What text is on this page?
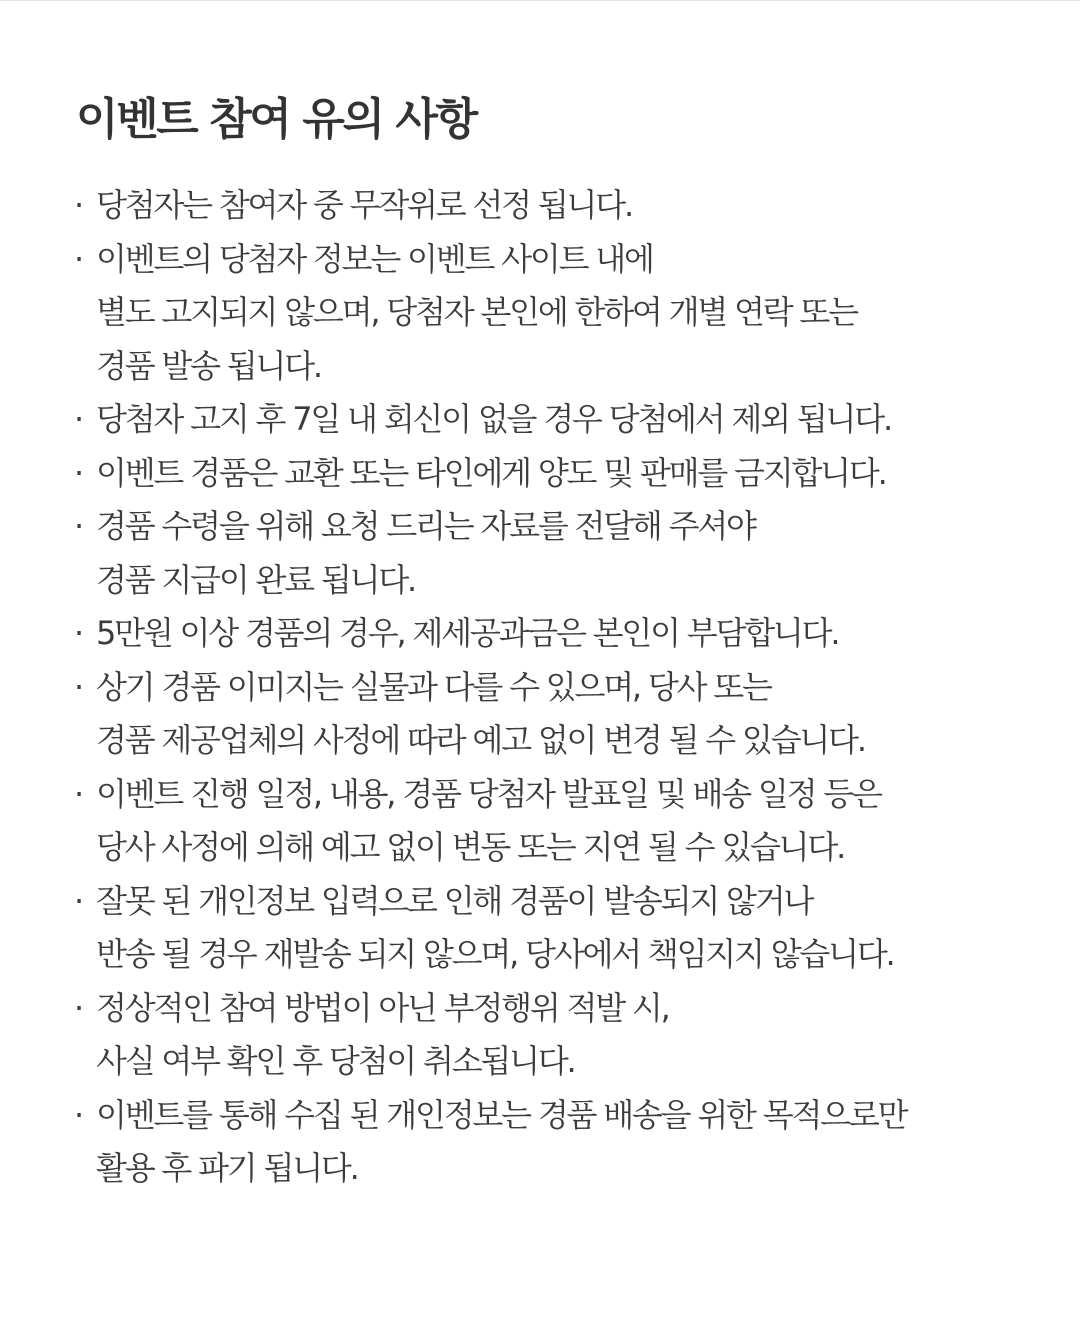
이벤트 참여 유의 사항
· 당첨자는 참여자 중 무작위로 선정 됩니다.
· 이벤트의 당첨자 정보는 이벤트 사이트 내에
별도 고지되지 않으며, 당첨자 본인에 한하여 개별 연락 또는
경품 발송 됩니다.
· 당첨자 고지 후 7일 내 회신이 없을 경우 당첨에서 제외 됩니다.
· 이벤트 경품은 교환 또는 타인에게 양도 및 판매를 금지합니다.
· 경품 수령을 위해 요청 드리는 자료를 전달해 주셔야
경품 지급이 완료 됩니다.
· 5만원 이상 경품의 경우, 제세공과금은 본인이 부담합니다.
· 상기 경품 이미지는 실물과 다를 수 있으며, 당사 또는
경품 제공업체의 사정에 따라 예고 없이 변경 될 수 있습니다.
· 이벤트 진행 일정, 내용, 경품 당첨자 발표일 및 배송 일정 등은
당사 사정에 의해 예고 없이 변동 또는 지연 될 수 있습니다.
· 잘못 된 개인정보 입력으로 인해 경품이 발송되지 않거나
반송 될 경우 재발송 되지 않으며, 당사에서 책임지지 않습니다.
· 정상적인 참여 방법이 아닌 부정행위 적발 시,
사실 여부 확인 후 당첨이 취소됩니다.
· 이벤트를 통해 수집 된 개인정보는 경품 배송을 위한 목적으로만
활용 후 파기 됩니다.
